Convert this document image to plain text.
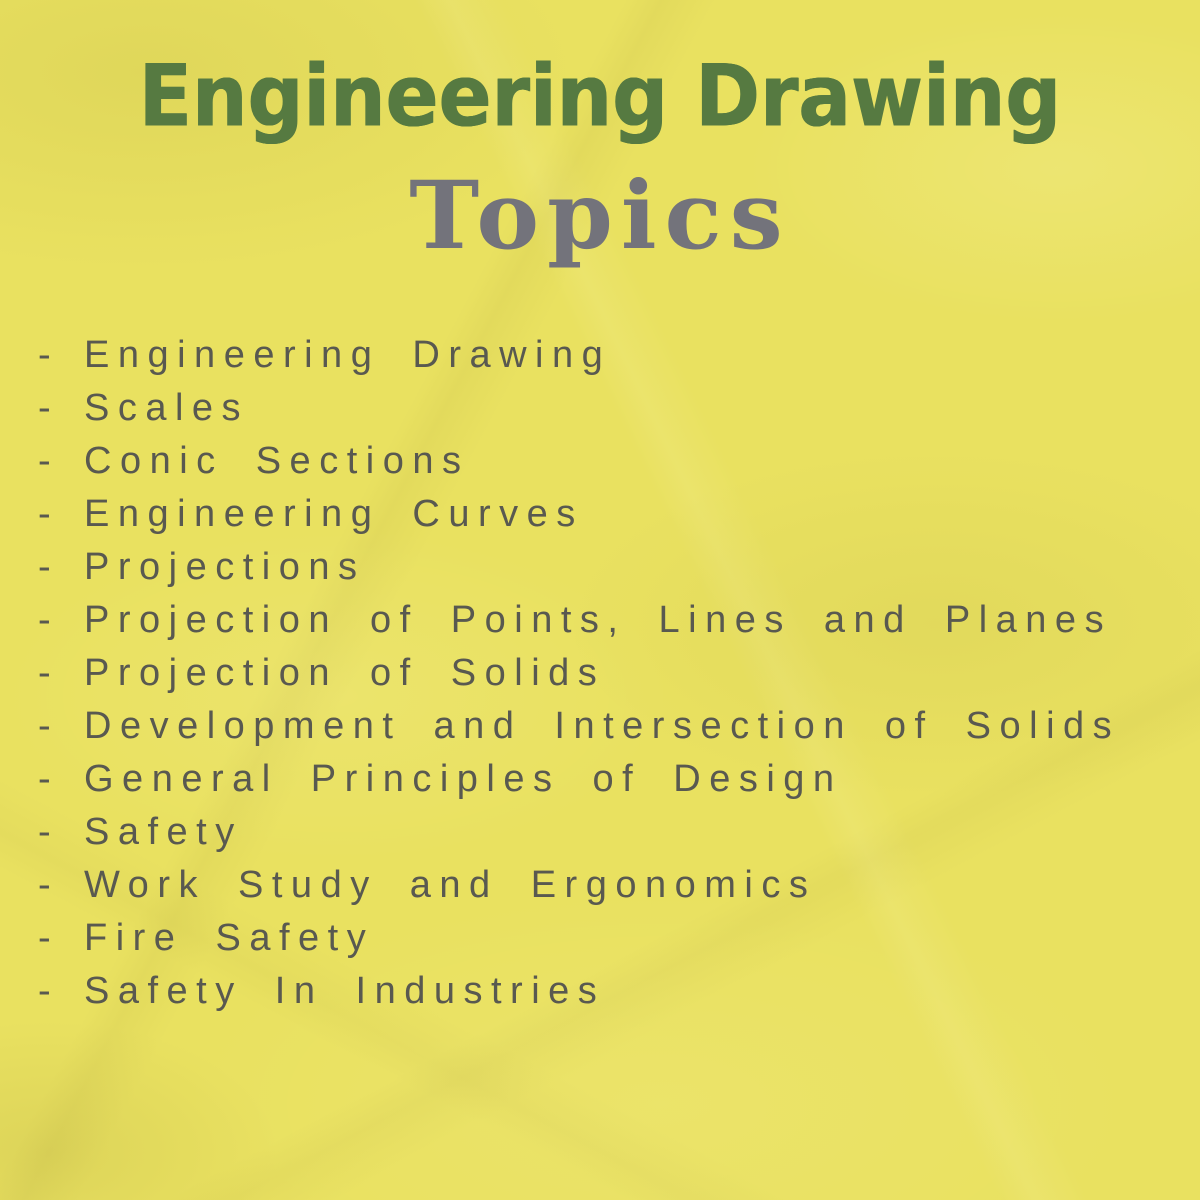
Engineering Drawing
Topics
- Engineering Drawing
- Scales
- Conic Sections
- Engineering Curves
- Projections
- Projection of Points, Lines and Planes
- Projection of Solids
- Development and Intersection of Solids
- General Principles of Design
- Safety
- Work Study and Ergonomics
- Fire Safety
- Safety In Industries
